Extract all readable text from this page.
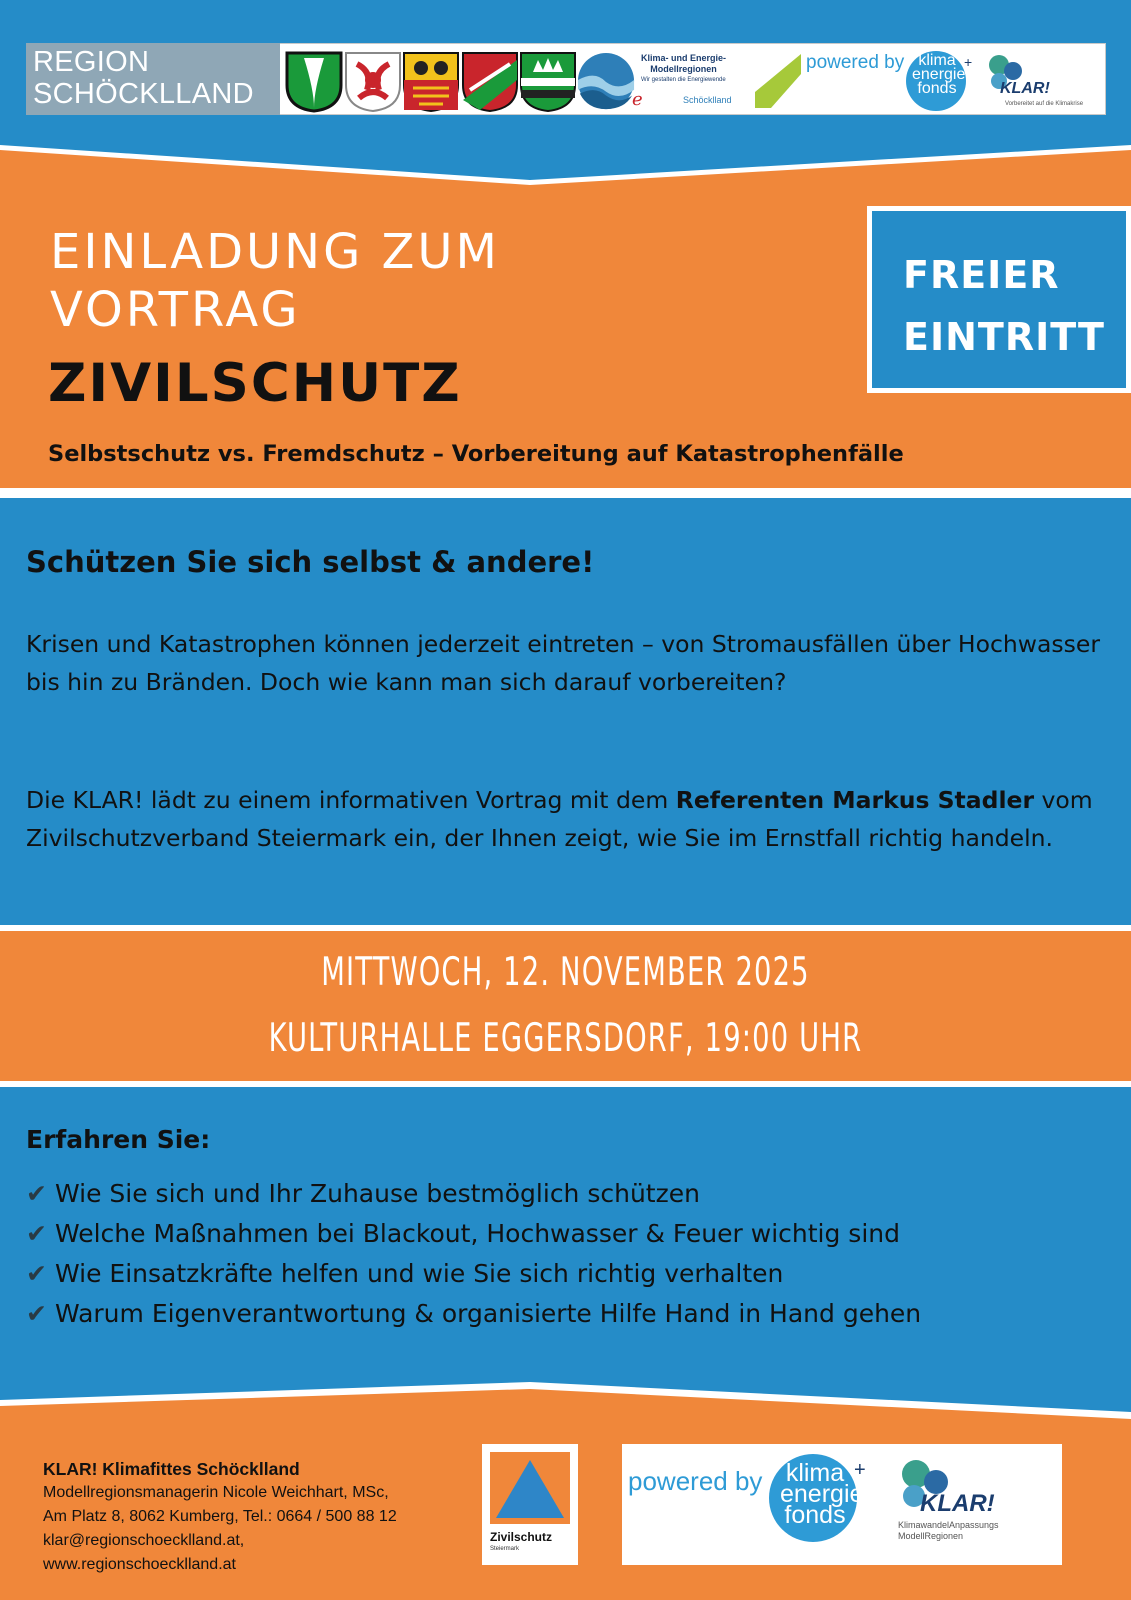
REGION
SCHÖCKLLAND
Klima- und Energie-
Modellregionen
Wir gestalten die Energiewende
Schöcklland
e
powered by	+
klima
energie
fonds	KLAR!
Vorbereitet auf die Klimakrise
EINLADUNG ZUM
VORTRAG
ZIVILSCHUTZ
Selbstschutz vs. Fremdschutz – Vorbereitung auf Katastrophenfälle
FREIER
EINTRITT
Schützen Sie sich selbst & andere!
Krisen und Katastrophen können jederzeit eintreten – von Stromausfällen über Hochwasser bis hin zu Bränden. Doch wie kann man sich darauf vorbereiten?
Die KLAR! lädt zu einem informativen Vortrag mit dem Referenten Markus Stadler vom Zivilschutzverband Steiermark ein, der Ihnen zeigt, wie Sie im Ernstfall richtig handeln.
MITTWOCH, 12. NOVEMBER 2025
KULTURHALLE EGGERSDORF, 19:00 UHR
Erfahren Sie:
✔ Wie Sie sich und Ihr Zuhause bestmöglich schützen
✔ Welche Maßnahmen bei Blackout, Hochwasser & Feuer wichtig sind
✔ Wie Einsatzkräfte helfen und wie Sie sich richtig verhalten
✔ Warum Eigenverantwortung & organisierte Hilfe Hand in Hand gehen
KLAR! Klimafittes Schöcklland
Modellregionsmanagerin Nicole Weichhart, MSc,
Am Platz 8, 8062 Kumberg, Tel.: 0664 / 500 88 12
klar@regionschoecklland.at,
www.regionschoecklland.at
Zivilschutz
Steiermark
powered by	+
klima
energie
fonds	KLAR!
KlimawandelAnpassungs
ModellRegionen
